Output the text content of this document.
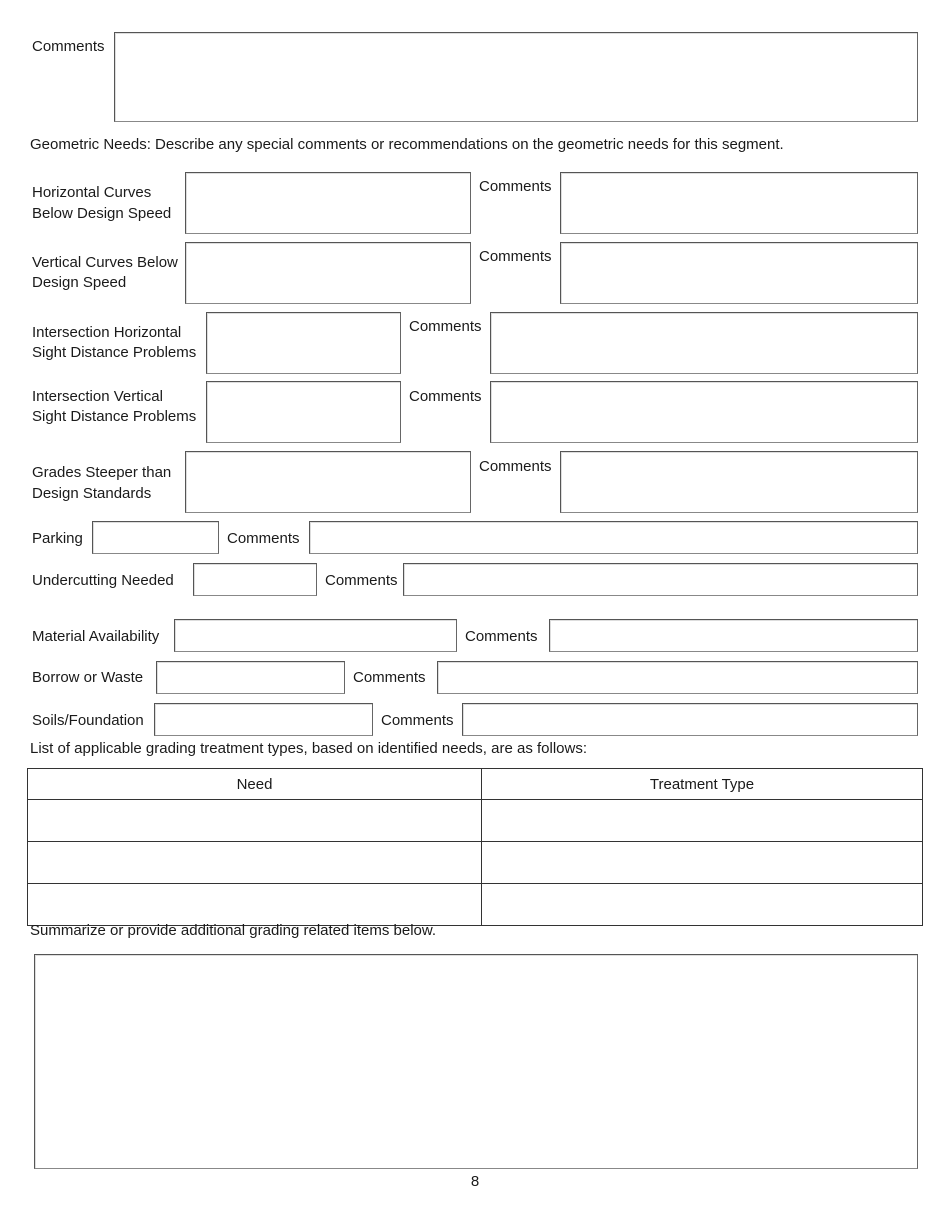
Comments
Geometric Needs: Describe any special comments or recommendations on the geometric needs for this segment.
Horizontal Curves
Below Design Speed
Comments
Vertical Curves Below
Design Speed
Comments
Intersection Horizontal
Sight Distance Problems
Comments
Intersection Vertical
Sight Distance Problems
Comments
Grades Steeper than
Design Standards
Comments
Parking	Comments
Undercutting Needed	Comments
Material Availability	Comments
Borrow or Waste	Comments
Soils/Foundation	Comments
List of applicable grading treatment types, based on identified needs, are as follows:
Need	Treatment Type

Summarize or provide additional grading related items below.
8
